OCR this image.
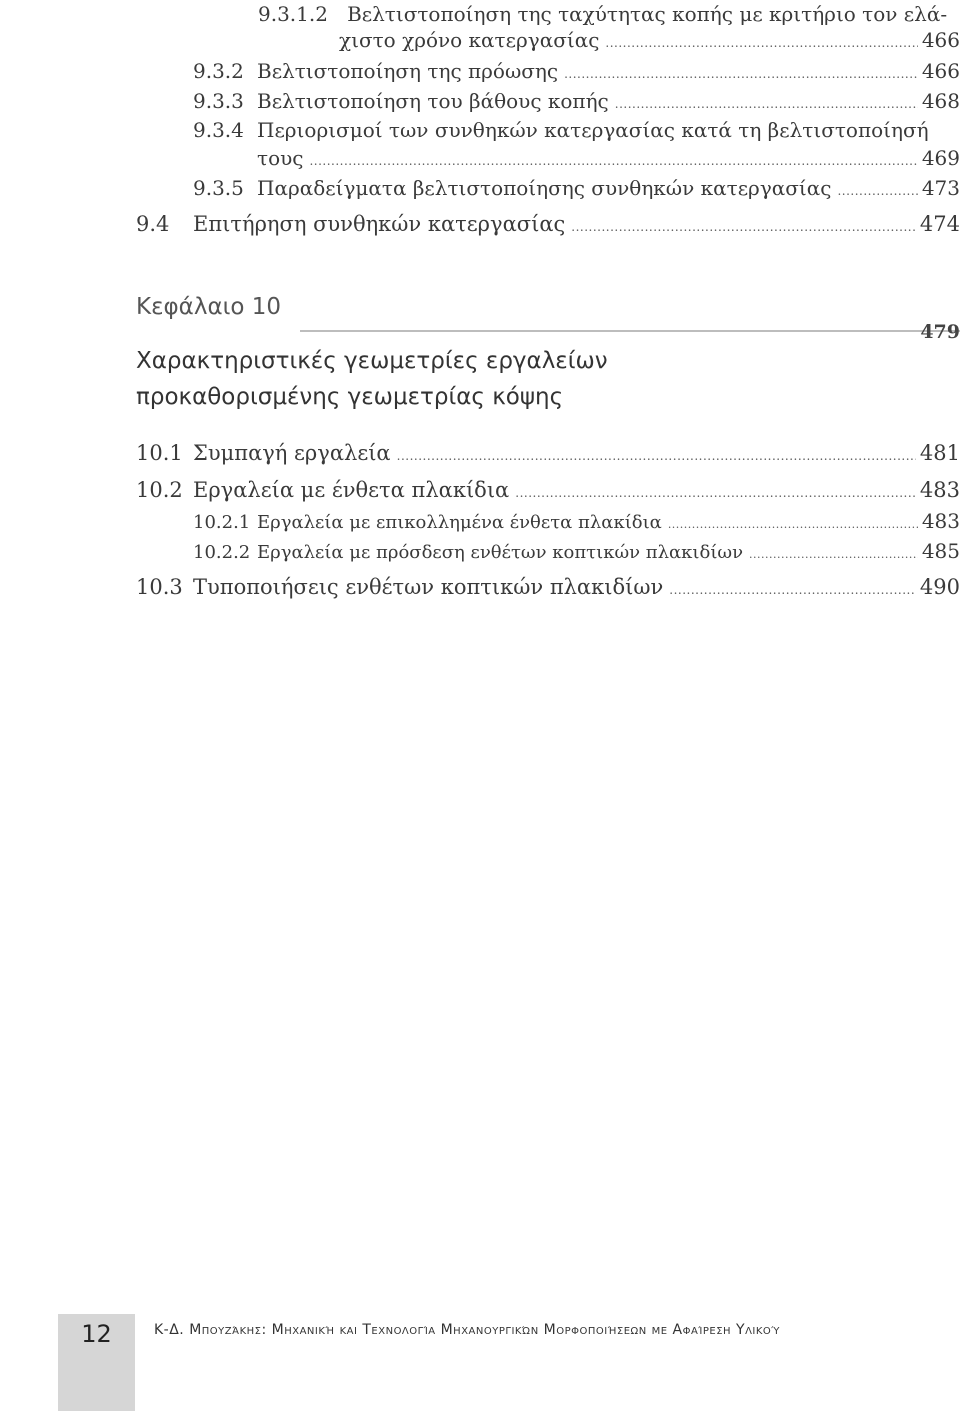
9.3.1.2 Βελτιστοποίηση της ταχύτητας κοπής με κριτήριο τον ελά-
χιστο χρόνο κατεργασίας .....	466
9.3.2 Βελτιστοποίηση της πρόωσης .....	466
9.3.3 Βελτιστοποίηση του βάθους κοπής .....	468
9.3.4 Περιορισμοί των συνθηκών κατεργασίας κατά τη βελτιστοποίησή
τους .....	469
9.3.5 Παραδείγματα βελτιστοποίησης συνθηκών κατεργασίας .....	473
9.4	Επιτήρηση συνθηκών κατεργασίας .....	474
Κεφάλαιο 10
479
Χαρακτηριστικές γεωμετρίες εργαλείων
προκαθορισμένης γεωμετρίας κόψης
10.1 Συμπαγή εργαλεία .....	481
10.2 Εργαλεία με ένθετα πλακίδια .....	483
10.2.1 Εργαλεία με επικολλημένα ένθετα πλακίδια .....	483
10.2.2 Εργαλεία με πρόσδεση ενθέτων κοπτικών πλακιδίων .....	485
10.3 Τυποποιήσεις ενθέτων κοπτικών πλακιδίων .....	490
12	Κ-Δ. Μπουζάκης: Μηχανική και Τεχνολογία Μηχανουργικών Μορφοποιήσεων με Αφαίρεση Υλικού
